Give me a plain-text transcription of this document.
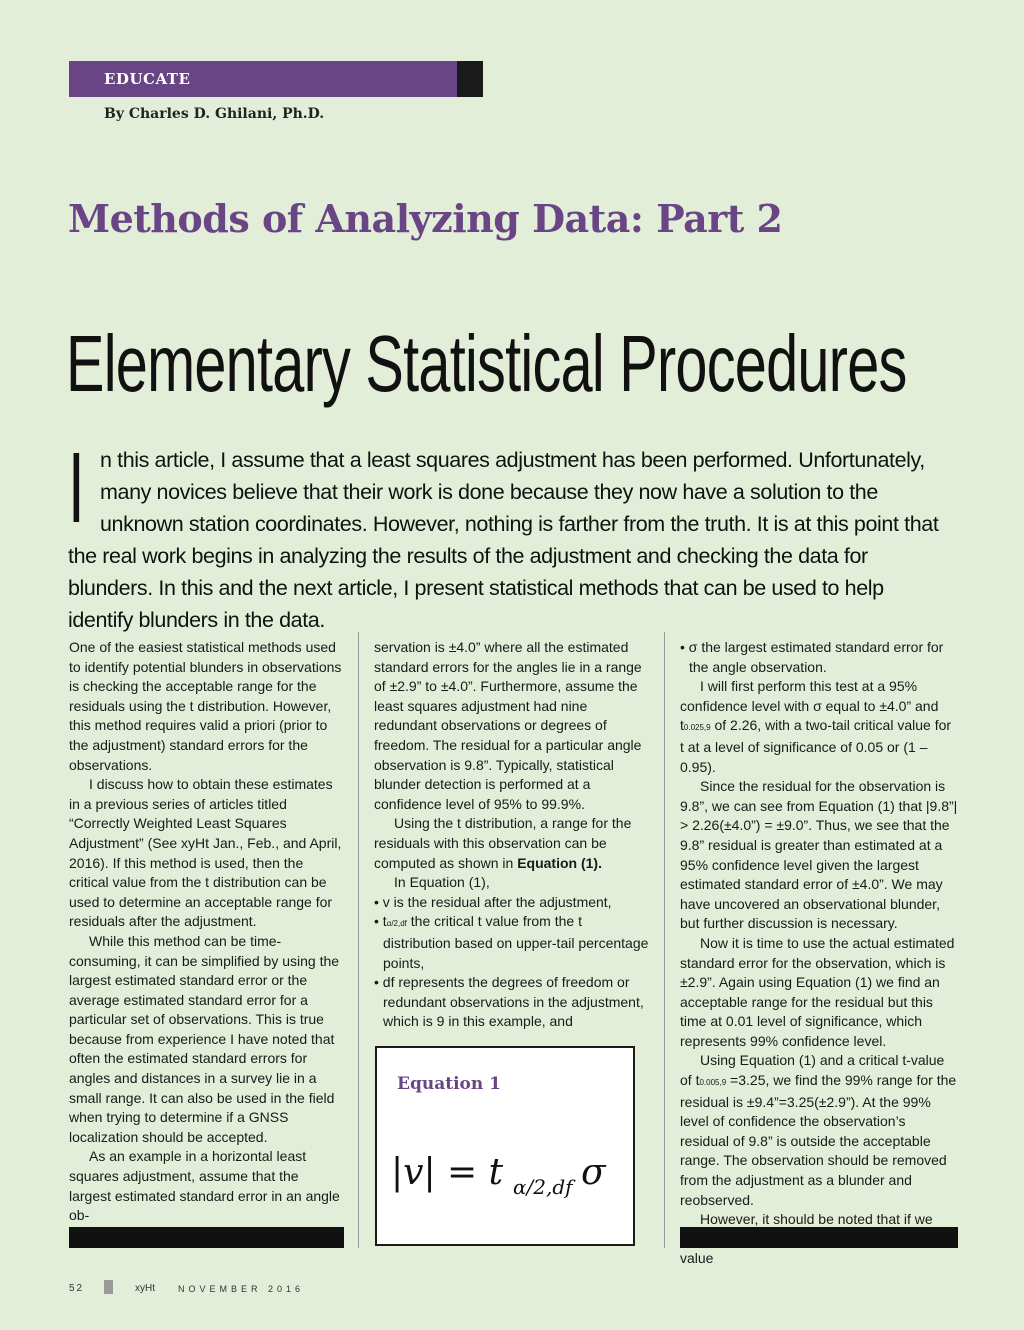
EDUCATE
By Charles D. Ghilani, Ph.D.
Methods of Analyzing Data: Part 2
Elementary Statistical Procedures
I n this article, I assume that a least squares adjustment has been performed. Unfortunately, many novices believe that their work is done because they now have a solution to the unknown station coordinates. However, nothing is farther from the truth. It is at this point that the real work begins in analyzing the results of the adjustment and checking the data for blunders. In this and the next article, I present statistical methods that can be used to help identify blunders in the data.

One of the easiest statistical methods used to identify potential blunders in observations is checking the acceptable range for the residuals using the t distribution. However, this method requires valid a priori (prior to the adjustment) standard errors for the observations.

I discuss how to obtain these estimates in a previous series of articles titled “Correctly Weighted Least Squares Adjustment” (See xyHt Jan., Feb., and April, 2016). If this method is used, then the critical value from the t distribution can be used to determine an acceptable range for residuals after the adjustment.

While this method can be time-consuming, it can be simplified by using the largest estimated standard error or the average estimated standard error for a particular set of observations. This is true because from experience I have noted that often the estimated standard errors for angles and distances in a survey lie in a small range. It can also be used in the field when trying to determine if a GNSS localization should be accepted.

As an example in a horizontal least squares adjustment, assume that the largest estimated standard error in an angle ob-

servation is ±4.0” where all the estimated standard errors for the angles lie in a range of ±2.9” to ±4.0”. Furthermore, assume the least squares adjustment had nine redundant observations or degrees of freedom. The residual for a particular angle observation is 9.8”. Typically, statistical blunder detection is performed at a confidence level of 95% to 99.9%.

Using the t distribution, a range for the residuals with this observation can be computed as shown in Equation (1).

In Equation (1),

• v is the residual after the adjustment,

• tα/2,df the critical t value from the t distribution based on upper-tail percentage points,

• df represents the degrees of freedom or redundant observations in the adjustment, which is 9 in this example, and

Equation 1
|v| = t α/2,df σ

• σ the largest estimated standard error for the angle observation.

I will first perform this test at a 95% confidence level with σ equal to ±4.0” and t0.025,9 of 2.26, with a two-tail critical value for t at a level of significance of 0.05 or (1 – 0.95).

Since the residual for the observation is 9.8”, we can see from Equation (1) that |9.8”| > 2.26(±4.0”) = ±9.0”. Thus, we see that the 9.8” residual is greater than estimated at a 95% confidence level given the largest estimated standard error of ±4.0”. We may have uncovered an observational blunder, but further discussion is necessary.

Now it is time to use the actual estimated standard error for the observation, which is ±2.9”. Again using Equation (1) we find an acceptable range for the residual but this time at 0.01 level of significance, which represents 99% confidence level.

Using Equation (1) and a critical t-value of t0.005,9 =3.25, we find the 99% range for the residual is ±9.4”=3.25(±2.9”). At the 99% level of confidence the observation’s residual of 9.8” is outside the acceptable range. The observation should be removed from the adjustment as a blunder and reobserved.

However, it should be noted that if we value

52	xyHt	NOVEMBER 2016
